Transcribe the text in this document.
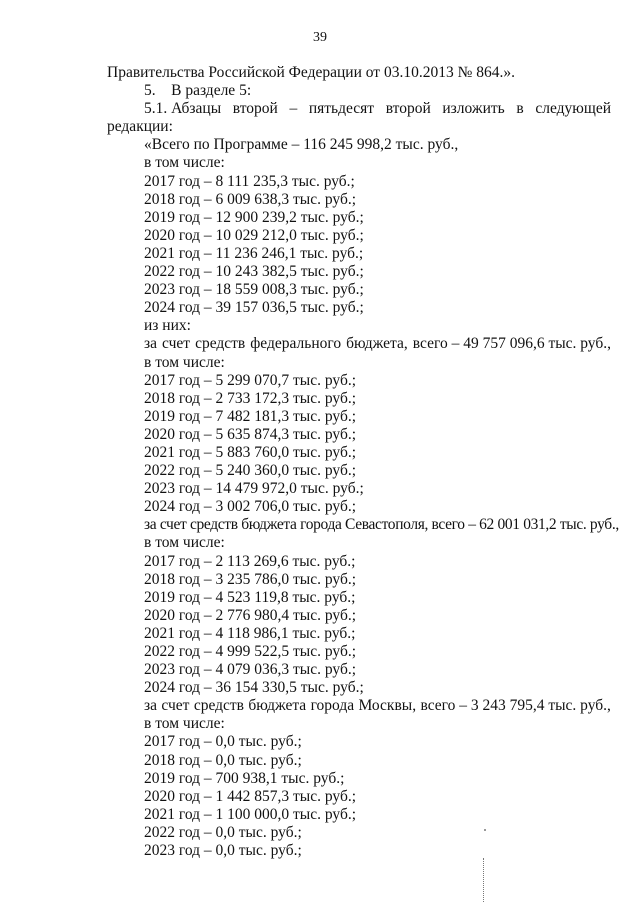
39
Правительства Российской Федерации от 03.10.2013 № 864.».
5.    В разделе 5:
5.1. Абзацы второй – пятьдесят второй изложить в следующей
редакции:
«Всего по Программе – 116 245 998,2 тыс. руб.,
в том числе:
2017 год – 8 111 235,3 тыс. руб.;
2018 год – 6 009 638,3 тыс. руб.;
2019 год – 12 900 239,2 тыс. руб.;
2020 год – 10 029 212,0 тыс. руб.;
2021 год – 11 236 246,1 тыс. руб.;
2022 год – 10 243 382,5 тыс. руб.;
2023 год – 18 559 008,3 тыс. руб.;
2024 год – 39 157 036,5 тыс. руб.;
из них:
за счет средств федерального бюджета, всего – 49 757 096,6 тыс. руб.,
в том числе:
2017 год – 5 299 070,7 тыс. руб.;
2018 год – 2 733 172,3 тыс. руб.;
2019 год – 7 482 181,3 тыс. руб.;
2020 год – 5 635 874,3 тыс. руб.;
2021 год – 5 883 760,0 тыс. руб.;
2022 год – 5 240 360,0 тыс. руб.;
2023 год – 14 479 972,0 тыс. руб.;
2024 год – 3 002 706,0 тыс. руб.;
за счет средств бюджета города Севастополя, всего – 62 001 031,2 тыс. руб.,
в том числе:
2017 год – 2 113 269,6 тыс. руб.;
2018 год – 3 235 786,0 тыс. руб.;
2019 год – 4 523 119,8 тыс. руб.;
2020 год – 2 776 980,4 тыс. руб.;
2021 год – 4 118 986,1 тыс. руб.;
2022 год – 4 999 522,5 тыс. руб.;
2023 год – 4 079 036,3 тыс. руб.;
2024 год – 36 154 330,5 тыс. руб.;
за счет средств бюджета города Москвы, всего – 3 243 795,4 тыс. руб.,
в том числе:
2017 год – 0,0 тыс. руб.;
2018 год – 0,0 тыс. руб.;
2019 год – 700 938,1 тыс. руб.;
2020 год – 1 442 857,3 тыс. руб.;
2021 год – 1 100 000,0 тыс. руб.;
2022 год – 0,0 тыс. руб.;
2023 год – 0,0 тыс. руб.;
